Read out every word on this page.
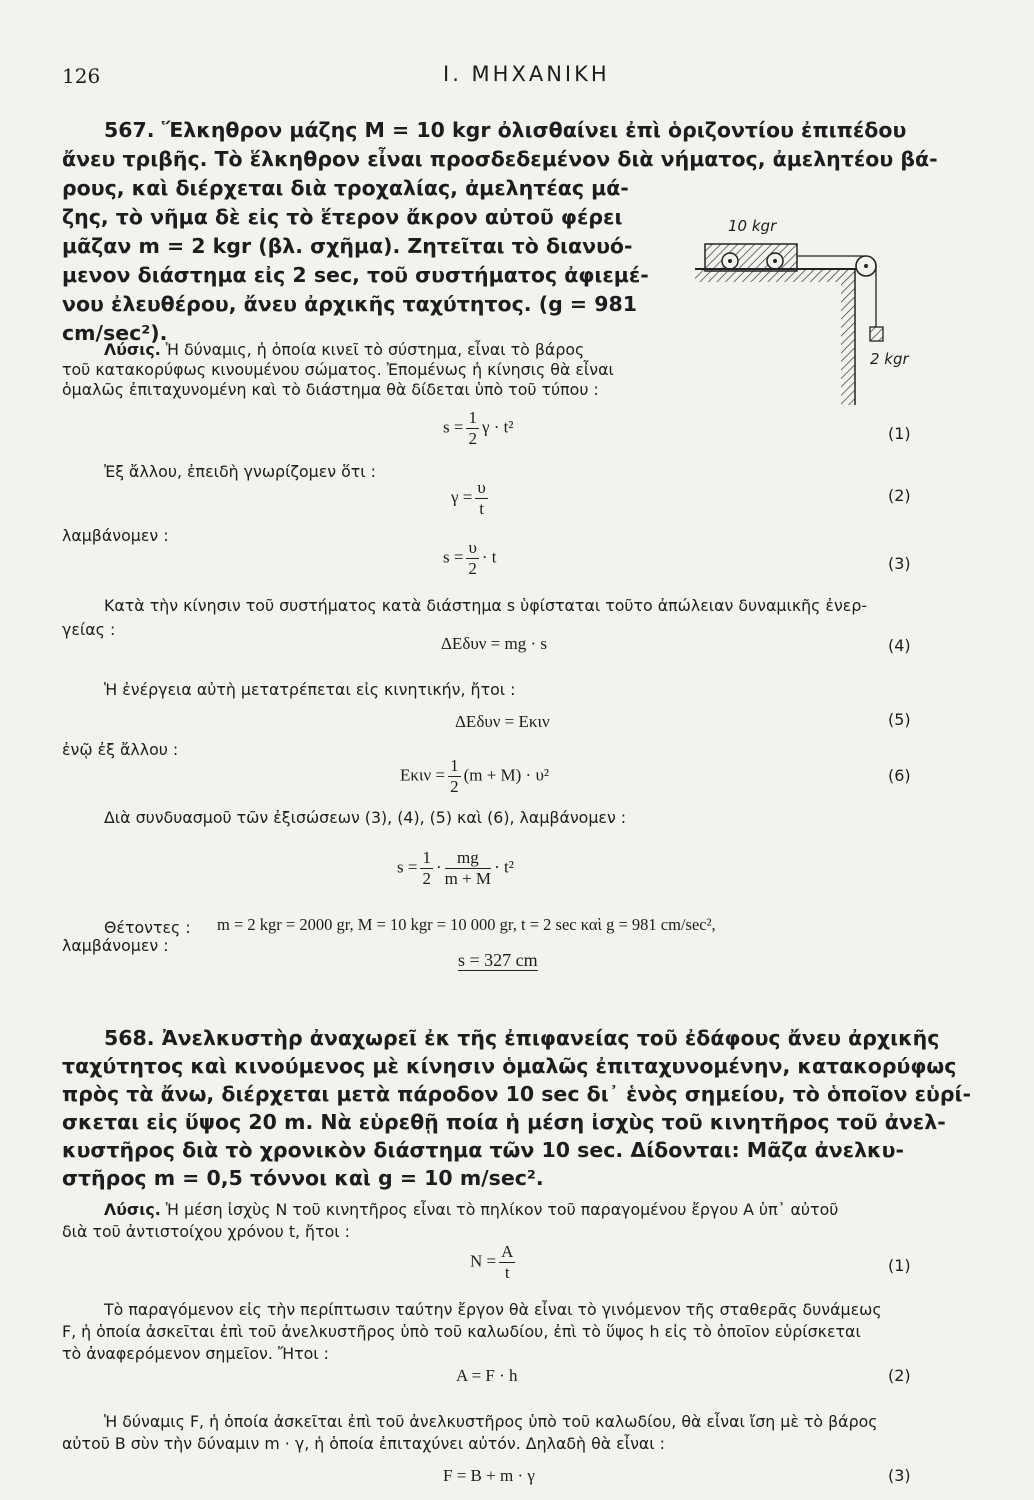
126	I. ΜΗΧΑΝΙΚΗ
567. Ἕλκηθρον μάζης M = 10 kgr ὀλισθαίνει ἐπὶ ὁριζοντίου ἐπιπέδου
ἄνευ τριβῆς. Τὸ ἕλκηθρον εἶναι προσδεδεμένον διὰ νήματος, ἀμελητέου βά-
ρους, καὶ διέρχεται διὰ τροχαλίας, ἀμελητέας μά-
ζης, τὸ νῆμα δὲ εἰς τὸ ἕτερον ἄκρον αὐτοῦ φέρει
μᾶζαν m = 2 kgr (βλ. σχῆμα). Ζητεῖται τὸ διανυό-
μενον διάστημα εἰς 2 sec, τοῦ συστήματος ἀφιεμέ-
νου ἐλευθέρου, ἄνευ ἀρχικῆς ταχύτητος. (g = 981
cm/sec²).
10 kgr
2 kgr
Λύσις. Ἡ δύναμις, ἡ ὁποία κινεῖ τὸ σύστημα, εἶναι τὸ βάρος
τοῦ κατακορύφως κινουμένου σώματος. Ἐπομένως ἡ κίνησις θὰ εἶναι
ὁμαλῶς ἐπιταχυνομένη καὶ τὸ διάστημα θὰ δίδεται ὑπὸ τοῦ τύπου :
$s = \frac{1}{2}$ γ · t²	(1)
Ἐξ ἄλλου, ἐπειδὴ γνωρίζομεν ὅτι :
$\gamma = \frac{\upsilon}{t}$	(2)
λαμβάνομεν :
$s = \frac{\upsilon}{2} \cdot t$	(3)
Κατὰ τὴν κίνησιν τοῦ συστήματος κατὰ διάστημα s ὑφίσταται τοῦτο ἀπώλειαν δυναμικῆς ἐνερ-
γείας :
ΔEδυν = mg · s	(4)
Ἡ ἐνέργεια αὐτὴ μετατρέπεται εἰς κινητικήν, ἤτοι :
ΔEδυν = Eκιν	(5)
ἐνῷ ἐξ ἄλλου :
$E\kappa\iota\nu = \frac{1}{2} (m + M) \cdot \upsilon^2$	(6)
Διὰ συνδυασμοῦ τῶν ἐξισώσεων (3), (4), (5) καὶ (6), λαμβάνομεν :
$s = \frac{1}{2} \cdot \frac{mg}{m + M} \cdot t^2$
Θέτοντες : m = 2 kgr = 2000 gr, M = 10 kgr = 10 000 gr, t = 2 sec καὶ g = 981 cm/sec²,
λαμβάνομεν :
s = 327 cm
568. Ἀνελκυστὴρ ἀναχωρεῖ ἐκ τῆς ἐπιφανείας τοῦ ἐδάφους ἄνευ ἀρχικῆς
ταχύτητος καὶ κινούμενος μὲ κίνησιν ὁμαλῶς ἐπιταχυνομένην, κατακορύφως
πρὸς τὰ ἄνω, διέρχεται μετὰ πάροδον 10 sec δι᾽ ἑνὸς σημείου, τὸ ὁποῖον εὑρί-
σκεται εἰς ὕψος 20 m. Νὰ εὑρεθῇ ποία ἡ μέση ἰσχὺς τοῦ κινητῆρος τοῦ ἀνελ-
κυστῆρος διὰ τὸ χρονικὸν διάστημα τῶν 10 sec. Δίδονται: Μᾶζα ἀνελκυ-
στῆρος m = 0,5 τόννοι καὶ g = 10 m/sec².
Λύσις. Ἡ μέση ἰσχὺς N τοῦ κινητῆρος εἶναι τὸ πηλίκον τοῦ παραγομένου ἔργου A ὑπ᾽ αὐτοῦ
διὰ τοῦ ἀντιστοίχου χρόνου t, ἤτοι :
$N = \frac{A}{t}$	(1)
Τὸ παραγόμενον εἰς τὴν περίπτωσιν ταύτην ἔργον θὰ εἶναι τὸ γινόμενον τῆς σταθερᾶς δυνάμεως
F, ἡ ὁποία ἀσκεῖται ἐπὶ τοῦ ἀνελκυστῆρος ὑπὸ τοῦ καλωδίου, ἐπὶ τὸ ὕψος h εἰς τὸ ὁποῖον εὑρίσκεται
τὸ ἀναφερόμενον σημεῖον. Ἤτοι :
A = F · h	(2)
Ἡ δύναμις F, ἡ ὁποία ἀσκεῖται ἐπὶ τοῦ ἀνελκυστῆρος ὑπὸ τοῦ καλωδίου, θὰ εἶναι ἴση μὲ τὸ βάρος
αὐτοῦ B σὺν τὴν δύναμιν m · γ, ἡ ὁποία ἐπιταχύνει αὐτόν. Δηλαδὴ θὰ εἶναι :
F = B + m · γ	(3)
